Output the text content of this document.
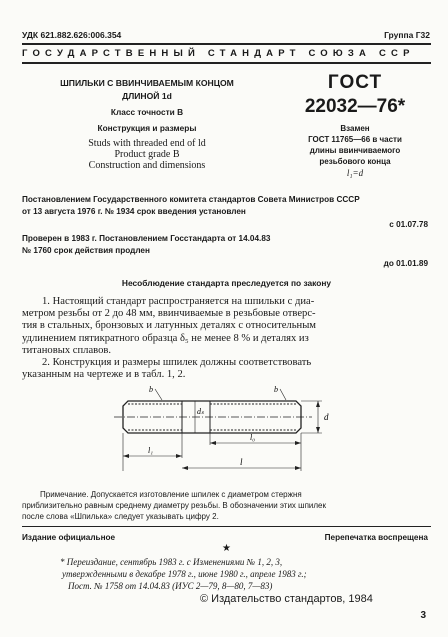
УДК 621.882.626:006.354	Группа Г32
ГОСУДАРСТВЕННЫЙ СТАНДАРТ СОЮЗА ССР
ШПИЛЬКИ С ВВИНЧИВАЕМЫМ КОНЦОМ
ДЛИНОЙ 1d
Класс точности В
Конструкция и размеры
Studs with threaded end of ld
Product grade B
Construction and dimensions
ГОСТ
22032—76*
Взамен
ГОСТ 11765—66 в части
длины ввинчиваемого
резьбового конца
l₁=d
Постановлением Государственного комитета стандартов Совета Министров СССР
от 13 августа 1976 г. № 1934 срок введения установлен
с 01.07.78
Проверен в 1983 г. Постановлением Госстандарта от 14.04.83
№ 1760 срок действия продлен
до 01.01.89
Несоблюдение стандарта преследуется по закону
1. Настоящий стандарт распространяется на шпильки с диа-
метром резьбы от 2 до 48 мм, ввинчиваемые в резьбовые отверс-
тия в стальных, бронзовых и латунных деталях с относительным
удлинением пятикратного образца δ₅ не менее 8 % и деталях из
титановых сплавов.
2. Конструкция и размеры шпилек должны соответствовать
указанным на чертеже и в табл. 1, 2.
b	b
d
dₛ
l₁
l₀
l
Примечание. Допускается изготовление шпилек с диаметром стержня
приблизительно равным среднему диаметру резьбы. В обозначении этих шпилек
после слова «Шпилька» следует указывать цифру 2.
Издание официальное	Перепечатка воспрещена
★
* Переиздание, сентябрь 1983 г. с Изменениями № 1, 2, 3,
утвержденными в декабре 1978 г., июне 1980 г., апреле 1983 г.;
Пост. № 1758 от 14.04.83 (ИУС 2—79, 8—80, 7—83)
© Издательство стандартов, 1984
3
